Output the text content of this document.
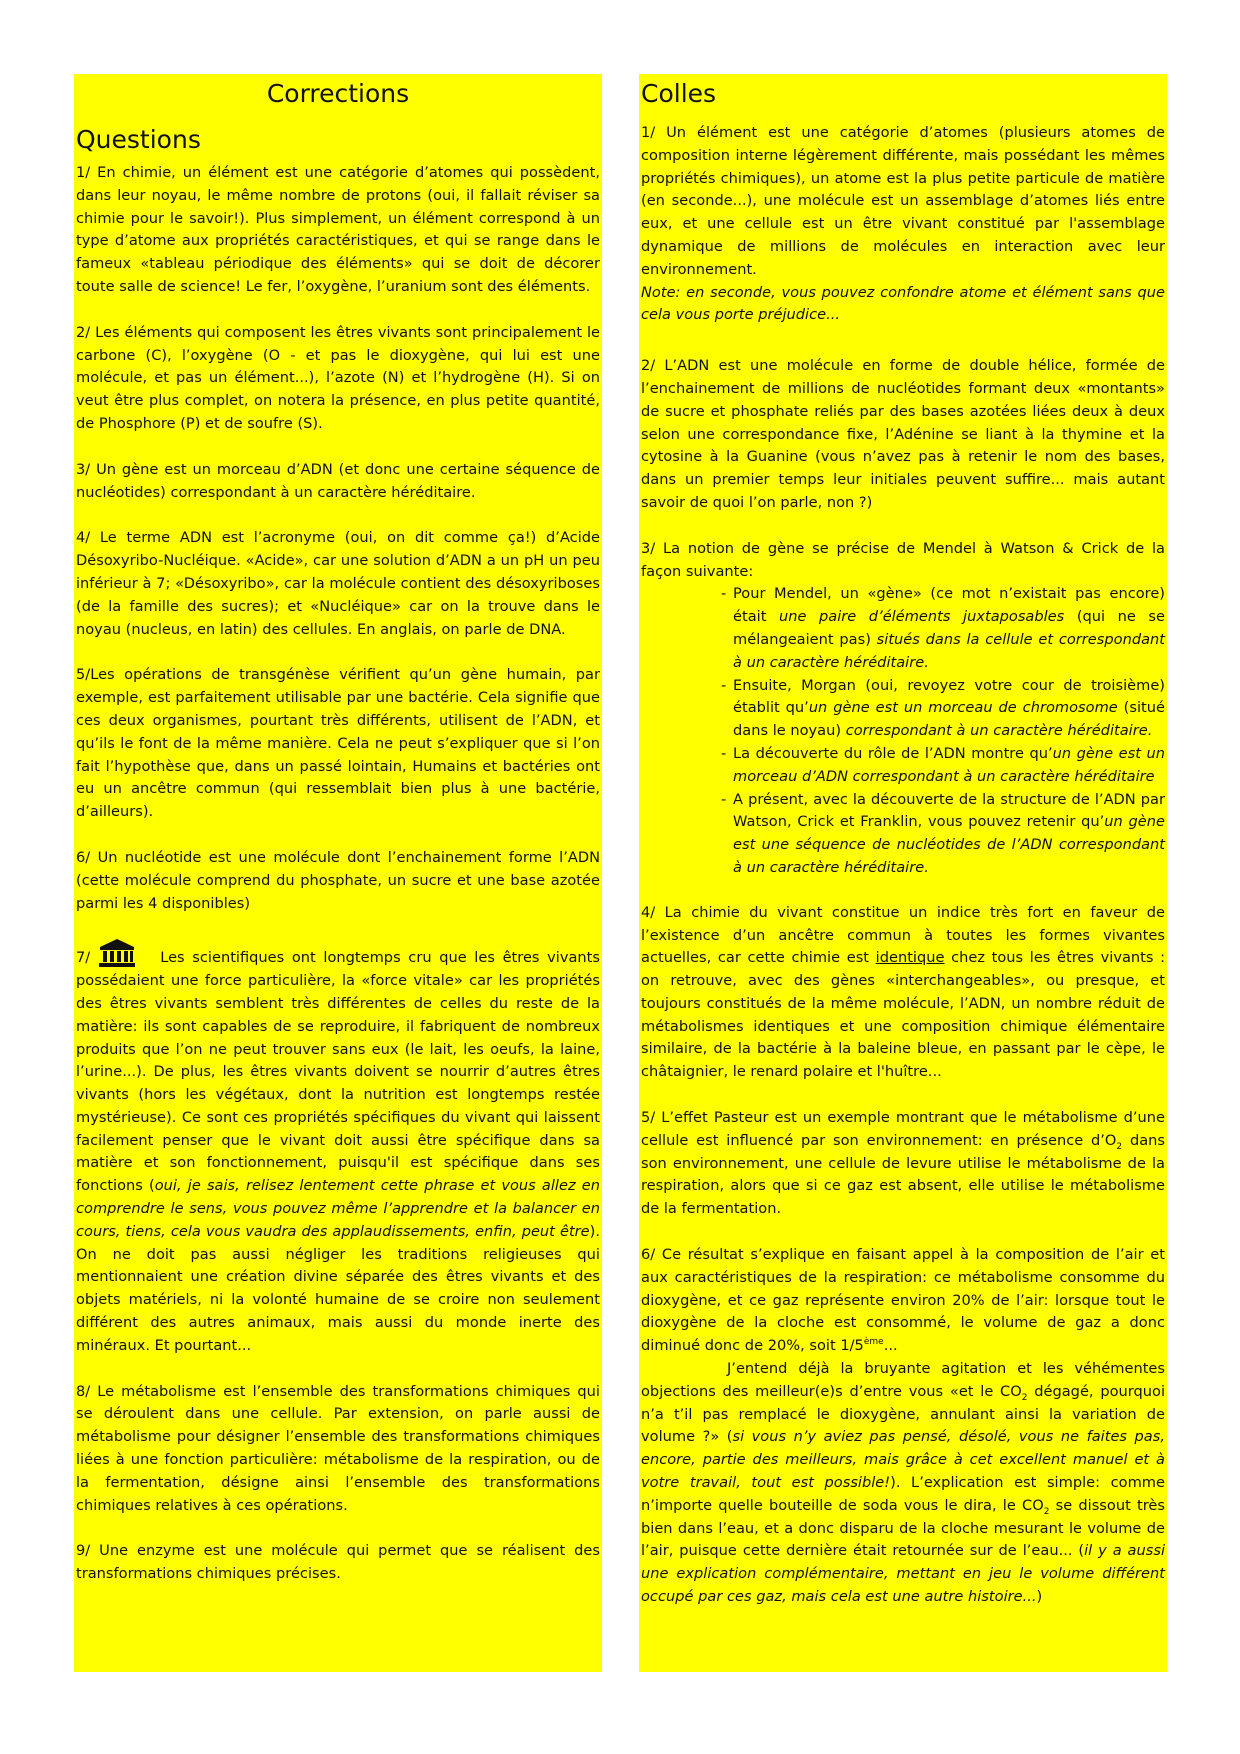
Corrections
Questions

1/ En chimie, un élément est une catégorie d’atomes qui possèdent, dans leur noyau, le même nombre de protons (oui, il fallait réviser sa chimie pour le savoir!). Plus simplement, un élément correspond à un type d’atome aux propriétés caractéristiques, et qui se range dans le fameux «tableau périodique des éléments» qui se doit de décorer toute salle de science! Le fer, l’oxygène, l’uranium sont des éléments.

2/ Les éléments qui composent les êtres vivants sont principalement le carbone (C), l’oxygène (O - et pas le dioxygène, qui lui est une molécule, et pas un élément...), l’azote (N) et l’hydrogène (H). Si on veut être plus complet, on notera la présence, en plus petite quantité, de Phosphore (P) et de soufre (S).

3/ Un gène est un morceau d’ADN (et donc une certaine séquence de nucléotides) correspondant à un caractère héréditaire.

4/ Le terme ADN est l’acronyme (oui, on dit comme ça!) d’Acide Désoxyribo-Nucléique. «Acide», car une solution d’ADN a un pH un peu inférieur à 7; «Désoxyribo», car la molécule contient des désoxyriboses (de la famille des sucres); et «Nucléique» car on la trouve dans le noyau (nucleus, en latin) des cellules. En anglais, on parle de DNA.

5/Les opérations de transgénèse vérifient qu’un gène humain, par exemple, est parfaitement utilisable par une bactérie. Cela signifie que ces deux organismes, pourtant très différents, utilisent de l’ADN, et qu’ils le font de la même manière. Cela ne peut s’expliquer que si l’on fait l’hypothèse que, dans un passé lointain, Humains et bactéries ont eu un ancêtre commun (qui ressemblait bien plus à une bactérie, d’ailleurs).

6/ Un nucléotide est une molécule dont l’enchainement forme l’ADN (cette molécule comprend du phosphate, un sucre et une base azotée parmi les 4 disponibles)

7/	Les scientifiques ont longtemps cru que les êtres vivants possédaient une force particulière, la «force vitale» car les propriétés des êtres vivants semblent très différentes de celles du reste de la matière: ils sont capables de se reproduire, il fabriquent de nombreux produits que l’on ne peut trouver sans eux (le lait, les oeufs, la laine, l’urine...). De plus, les êtres vivants doivent se nourrir d’autres êtres vivants (hors les végétaux, dont la nutrition est longtemps restée mystérieuse). Ce sont ces propriétés spécifiques du vivant qui laissent facilement penser que le vivant doit aussi être spécifique dans sa matière et son fonctionnement, puisqu'il est spécifique dans ses fonctions (oui, je sais, relisez lentement cette phrase et vous allez en comprendre le sens, vous pouvez même l’apprendre et la balancer en cours, tiens, cela vous vaudra des applaudissements, enfin, peut être). On ne doit pas aussi négliger les traditions religieuses qui mentionnaient une création divine séparée des êtres vivants et des objets matériels, ni la volonté humaine de se croire non seulement différent des autres animaux, mais aussi du monde inerte des minéraux. Et pourtant...

8/ Le métabolisme est l’ensemble des transformations chimiques qui se déroulent dans une cellule. Par extension, on parle aussi de métabolisme pour désigner l’ensemble des transformations chimiques liées à une fonction particulière: métabolisme de la respiration, ou de la fermentation, désigne ainsi l’ensemble des transformations chimiques relatives à ces opérations.

9/ Une enzyme est une molécule qui permet que se réalisent des transformations chimiques précises.

Colles

1/ Un élément est une catégorie d’atomes (plusieurs atomes de composition interne légèrement différente, mais possédant les mêmes propriétés chimiques), un atome est la plus petite particule de matière (en seconde...), une molécule est un assemblage d’atomes liés entre eux, et une cellule est un être vivant constitué par l'assemblage dynamique de millions de molécules en interaction avec leur environnement.

Note: en seconde, vous pouvez confondre atome et élément sans que cela vous porte préjudice...

2/ L’ADN est une molécule en forme de double hélice, formée de l’enchainement de millions de nucléotides formant deux «montants» de sucre et phosphate reliés par des bases azotées liées deux à deux selon une correspondance fixe, l’Adénine se liant à la thymine et la cytosine à la Guanine (vous n’avez pas à retenir le nom des bases, dans un premier temps leur initiales peuvent suffire... mais autant savoir de quoi l’on parle, non ?)

3/ La notion de gène se précise de Mendel à Watson & Crick de la façon suivante:

- Pour Mendel, un «gène» (ce mot n’existait pas encore) était une paire d’éléments juxtaposables (qui ne se mélangeaient pas) situés dans la cellule et correspondant à un caractère héréditaire.
- Ensuite, Morgan (oui, revoyez votre cour de troisième) établit qu’un gène est un morceau de chromosome (situé dans le noyau) correspondant à un caractère héréditaire.
- La découverte du rôle de l’ADN montre qu’un gène est un morceau d’ADN correspondant à un caractère héréditaire
- A présent, avec la découverte de la structure de l’ADN par Watson, Crick et Franklin, vous pouvez retenir qu’un gène est une séquence de nucléotides de l’ADN correspondant à un caractère héréditaire.

4/ La chimie du vivant constitue un indice très fort en faveur de l’existence d’un ancêtre commun à toutes les formes vivantes actuelles, car cette chimie est identique chez tous les êtres vivants : on retrouve, avec des gènes «interchangeables», ou presque, et toujours constitués de la même molécule, l’ADN, un nombre réduit de métabolismes identiques et une composition chimique élémentaire similaire, de la bactérie à la baleine bleue, en passant par le cèpe, le châtaignier, le renard polaire et l'huître...

5/ L’effet Pasteur est un exemple montrant que le métabolisme d’une cellule est influencé par son environnement: en présence $d’O_2$ dans son environnement, une cellule de levure utilise le métabolisme de la respiration, alors que si ce gaz est absent, elle utilise le métabolisme de la fermentation.

6/ Ce résultat s’explique en faisant appel à la composition de l’air et aux caractéristiques de la respiration: ce métabolisme consomme du dioxygène, et ce gaz représente environ 20% de l’air: lorsque tout le dioxygène de la cloche est consommé, le volume de gaz a donc diminué donc de 20%, soit 1/5ème...

J’entend déjà la bruyante agitation et les véhémentes objections des meilleur(e)s d’entre vous «et le $CO_2$ dégagé, pourquoi n’a t’il pas remplacé le dioxygène, annulant ainsi la variation de volume ?» (si vous n’y aviez pas pensé, désolé, vous ne faites pas, encore, partie des meilleurs, mais grâce à cet excellent manuel et à votre travail, tout est possible!). L’explication est simple: comme n’importe quelle bouteille de soda vous le dira, le $CO_2$ se dissout très bien dans l’eau, et a donc disparu de la cloche mesurant le volume de l’air, puisque cette dernière était retournée sur de l’eau... (il y a aussi une explication complémentaire, mettant en jeu le volume différent occupé par ces gaz, mais cela est une autre histoire...)
